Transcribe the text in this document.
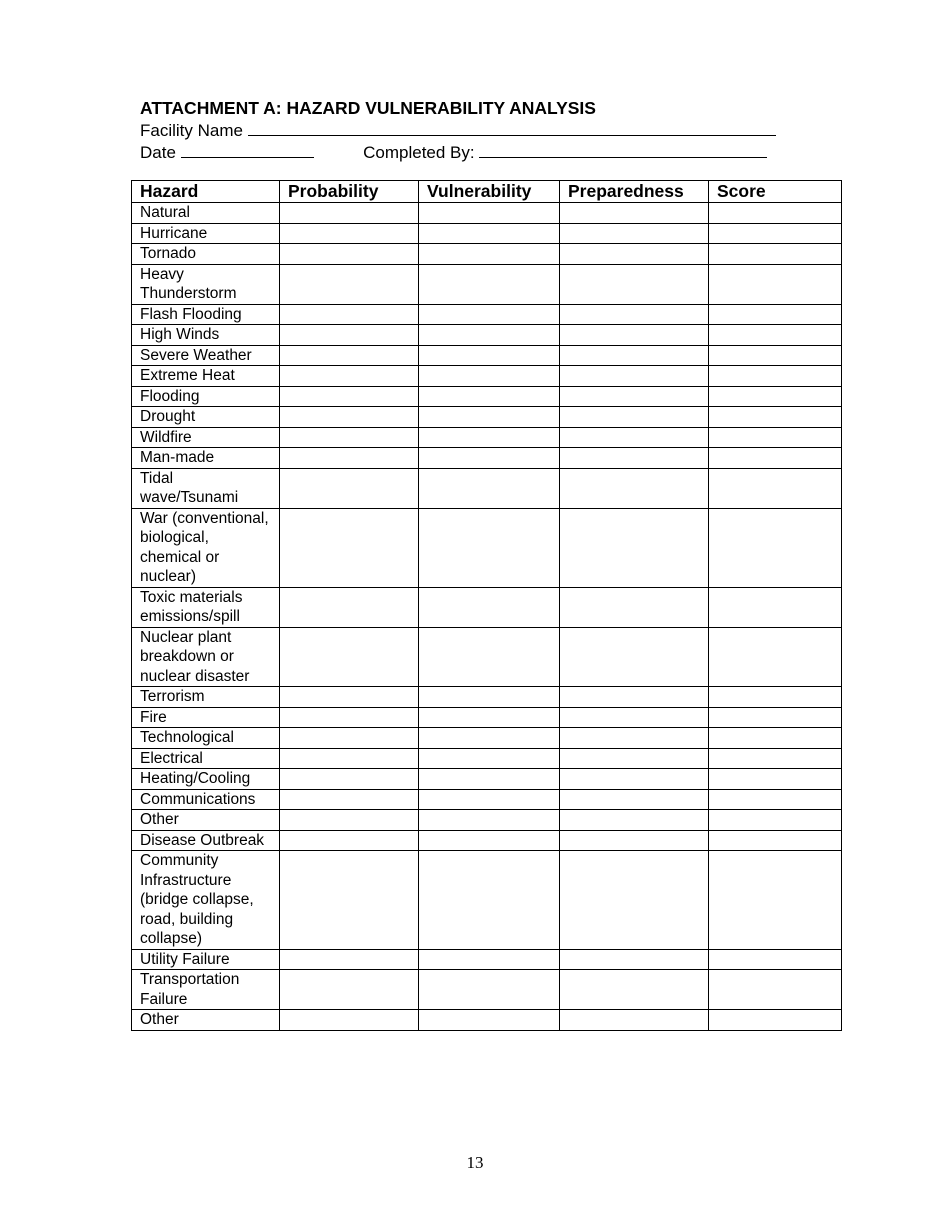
ATTACHMENT A: HAZARD VULNERABILITY ANALYSIS
Facility Name
Date	Completed By:
Hazard	Probability	Vulnerability	Preparedness	Score
Natural				
Hurricane				
Tornado				
Heavy Thunderstorm				
Flash Flooding				
High Winds				
Severe Weather				
Extreme Heat				
Flooding				
Drought				
Wildfire				
Man-made				
Tidal wave/Tsunami				
War (conventional, biological, chemical or nuclear)				
Toxic materials emissions/spill				
Nuclear plant breakdown or nuclear disaster				
Terrorism				
Fire				
Technological				
Electrical				
Heating/Cooling				
Communications				
Other				
Disease Outbreak				
Community Infrastructure (bridge collapse, road, building collapse)				
Utility Failure				
Transportation Failure				
Other				
13
